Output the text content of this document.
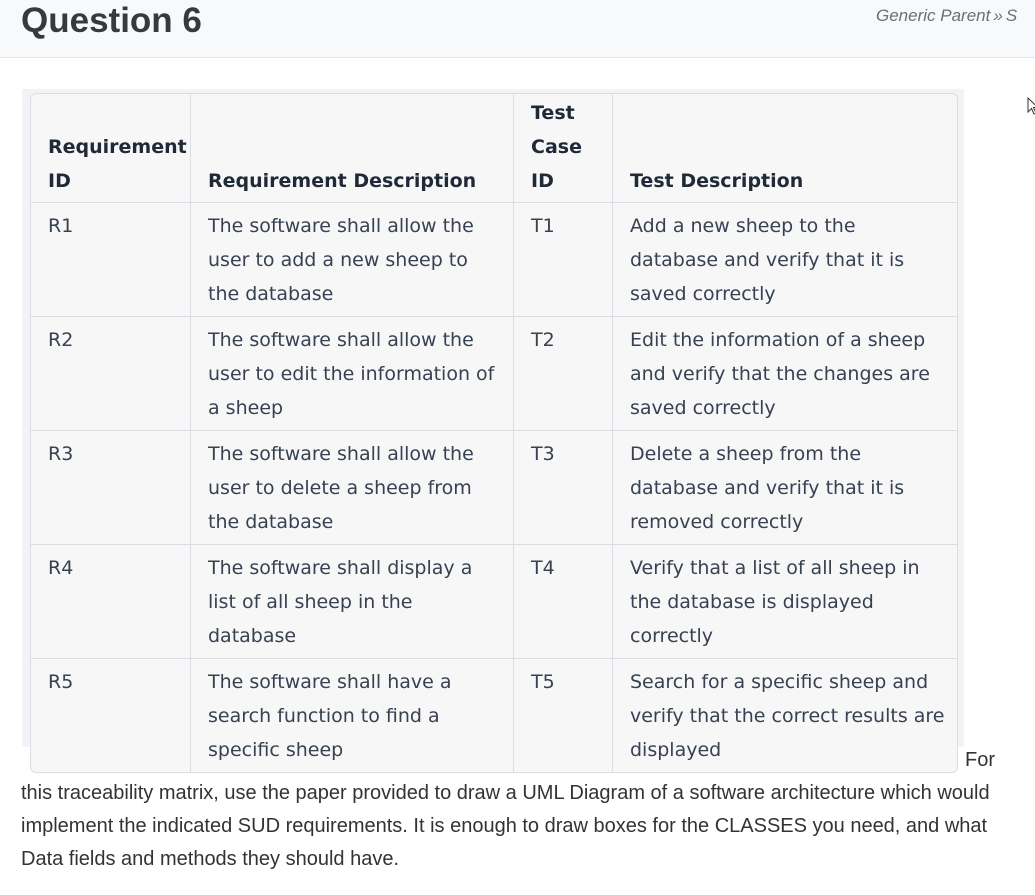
Question 6	Generic Parent » S
Requirement ID	Requirement Description	Test Case ID	Test Description
R1	The software shall allow the user to add a new sheep to the database	T1	Add a new sheep to the database and verify that it is saved correctly
R2	The software shall allow the user to edit the information of a sheep	T2	Edit the information of a sheep and verify that the changes are saved correctly
R3	The software shall allow the user to delete a sheep from the database	T3	Delete a sheep from the database and verify that it is removed correctly
R4	The software shall display a list of all sheep in the database	T4	Verify that a list of all sheep in the database is displayed correctly
R5	The software shall have a search function to find a specific sheep	T5	Search for a specific sheep and verify that the correct results are displayed	For
this traceability matrix, use the paper provided to draw a UML Diagram of a software architecture which would implement the indicated SUD requirements. It is enough to draw boxes for the CLASSES you need, and what Data fields and methods they should have.
